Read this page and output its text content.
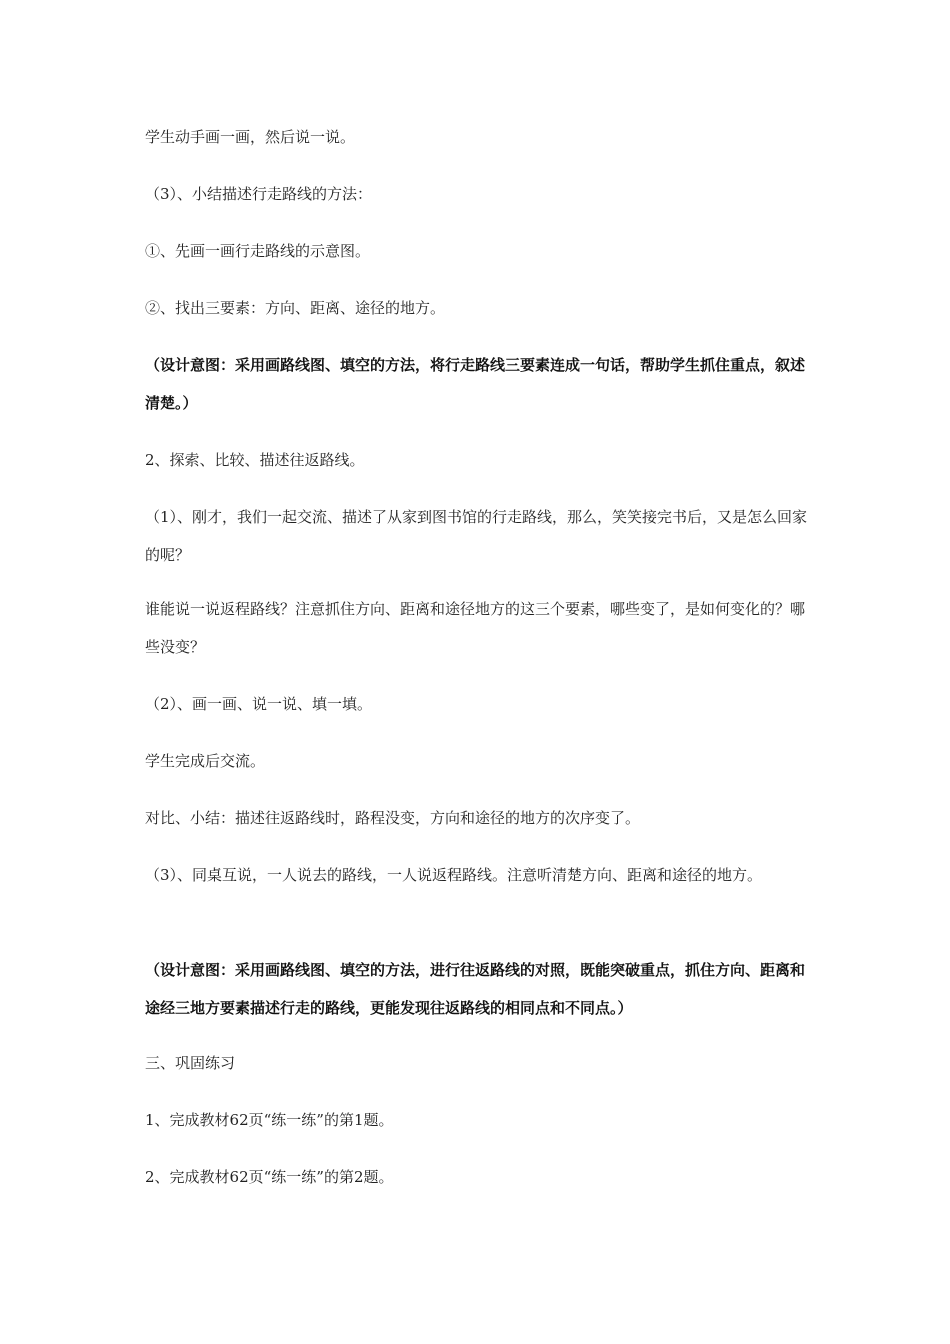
学生动手画一画，然后说一说。

（3）、小结描述行走路线的方法：

①、先画一画行走路线的示意图。

②、找出三要素：方向、距离、途径的地方。

（设计意图：采用画路线图、填空的方法，将行走路线三要素连成一句话，帮助学生抓住重点，叙述清楚。）

2、探索、比较、描述往返路线。

（1）、刚才，我们一起交流、描述了从家到图书馆的行走路线，那么，笑笑接完书后，又是怎么回家的呢？

谁能说一说返程路线？注意抓住方向、距离和途径地方的这三个要素，哪些变了，是如何变化的？哪些没变？

（2）、画一画、说一说、填一填。

学生完成后交流。

对比、小结：描述往返路线时，路程没变，方向和途径的地方的次序变了。

（3）、同桌互说，一人说去的路线，一人说返程路线。注意听清楚方向、距离和途径的地方。

（设计意图：采用画路线图、填空的方法，进行往返路线的对照，既能突破重点，抓住方向、距离和途经三地方要素描述行走的路线，更能发现往返路线的相同点和不同点。）

三、巩固练习

1、完成教材62页“练一练”的第1题。

2、完成教材62页“练一练”的第2题。
